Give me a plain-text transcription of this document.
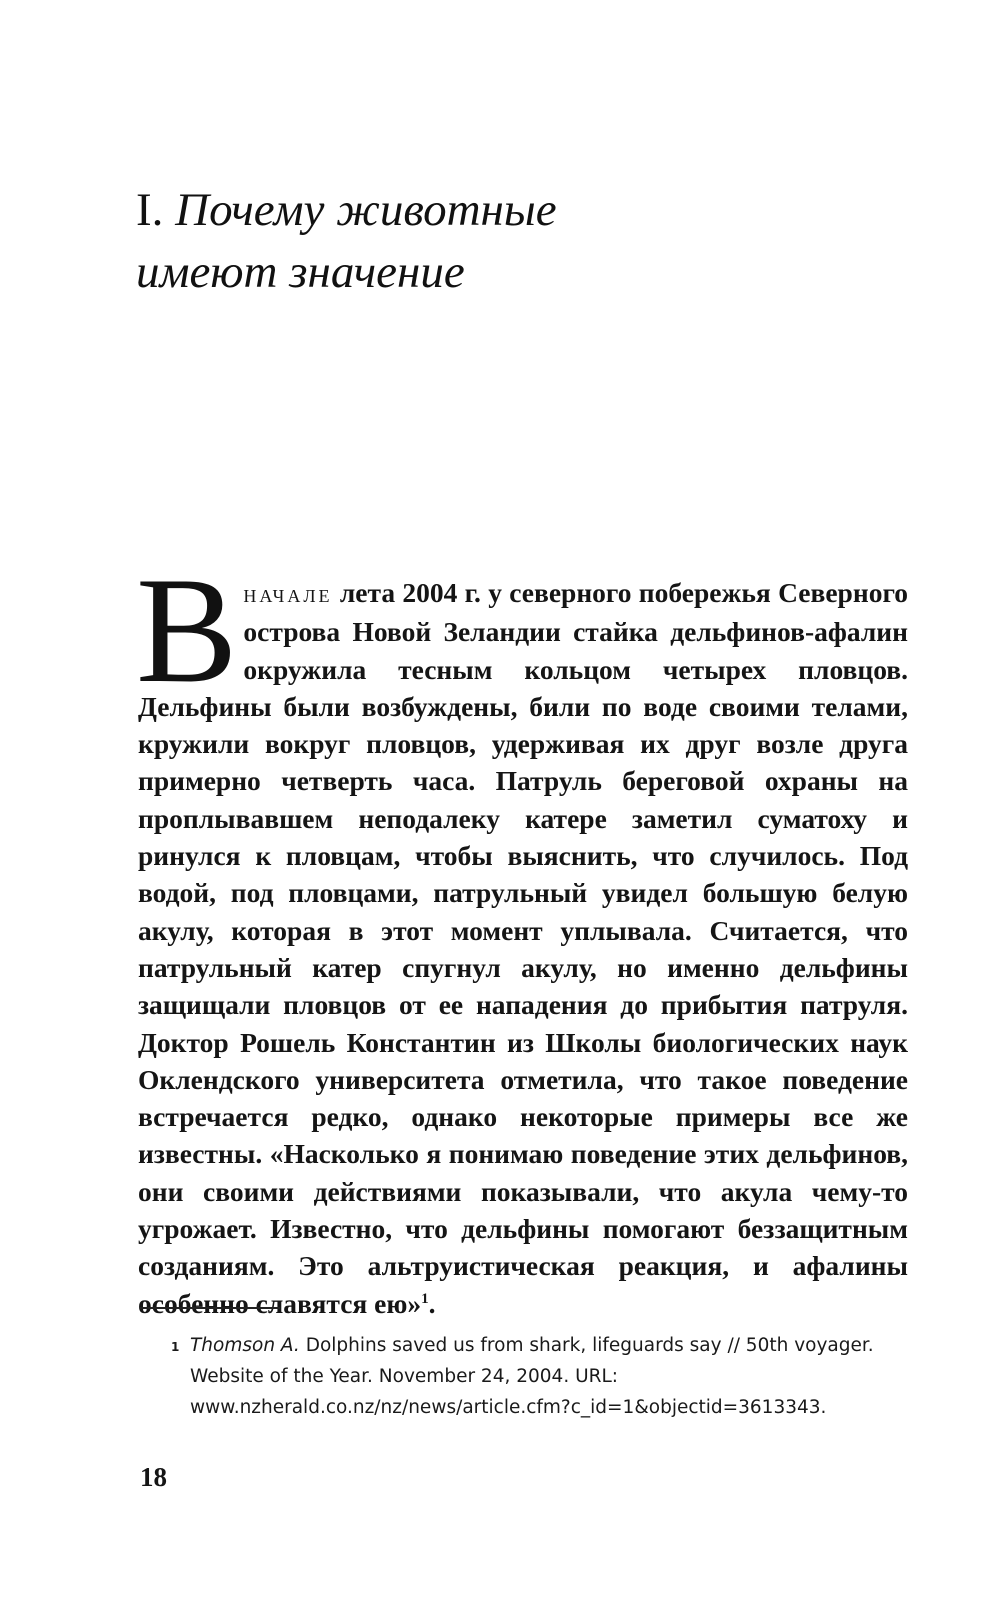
I. Почему животные
имеют значение

Вначале лета 2004 г. у северного побережья Северного острова Новой Зеландии стайка дельфинов-афалин окружила тесным кольцом четырех пловцов. Дельфины были возбуждены, били по воде своими телами, кружили вокруг пловцов, удерживая их друг возле друга примерно четверть часа. Патруль береговой охраны на проплывавшем неподалеку катере заметил суматоху и ринулся к пловцам, чтобы выяснить, что случилось. Под водой, под пловцами, патрульный увидел большую белую акулу, которая в этот момент уплывала. Считается, что патрульный катер спугнул акулу, но именно дельфины защищали пловцов от ее нападения до прибытия патруля. Доктор Рошель Константин из Школы биологических наук Оклендского университета отметила, что такое поведение встречается редко, однако некоторые примеры все же известны. «Насколько я понимаю поведение этих дельфинов, они своими действиями показывали, что акула чему-то угрожает. Известно, что дельфины помогают беззащитным созданиям. Это альтруистическая реакция, и афалины особенно славятся ею»$^1$.

1 Thomson A. Dolphins saved us from shark, lifeguards say // 50th voyager. Website of the Year. November 24, 2004. URL: www.nzherald.co.nz/nz/news/article.cfm?c_id=1&objectid=3613343.
18
